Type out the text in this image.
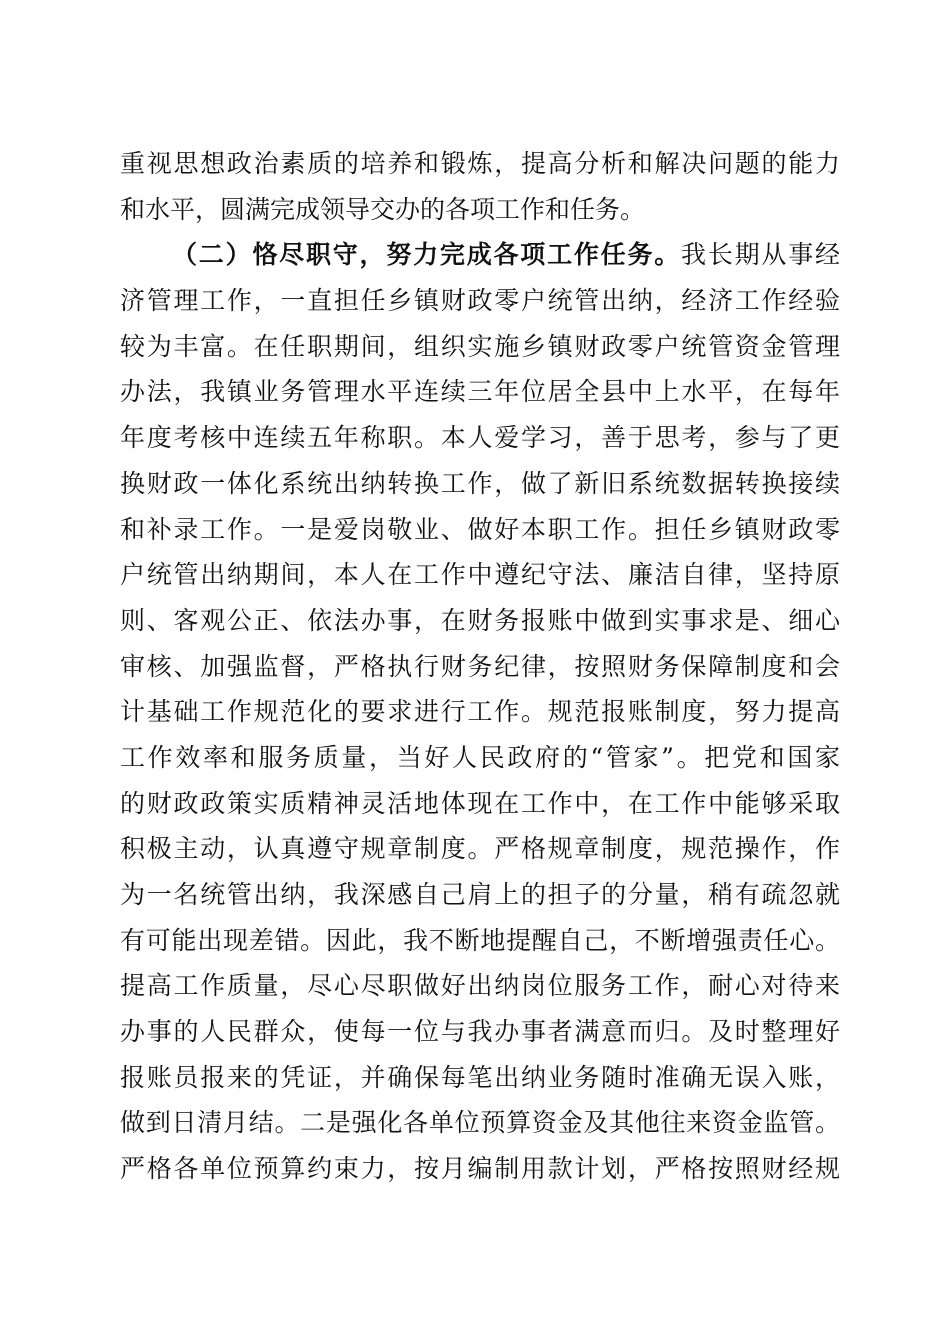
重视思想政治素质的培养和锻炼，提高分析和解决问题的能力
和水平，圆满完成领导交办的各项工作和任务。
（二）恪尽职守，努力完成各项工作任务。我长期从事经
济管理工作，一直担任乡镇财政零户统管出纳，经济工作经验
较为丰富。在任职期间，组织实施乡镇财政零户统管资金管理
办法，我镇业务管理水平连续三年位居全县中上水平，在每年
年度考核中连续五年称职。本人爱学习，善于思考，参与了更
换财政一体化系统出纳转换工作，做了新旧系统数据转换接续
和补录工作。一是爱岗敬业、做好本职工作。担任乡镇财政零
户统管出纳期间，本人在工作中遵纪守法、廉洁自律，坚持原
则、客观公正、依法办事，在财务报账中做到实事求是、细心
审核、加强监督，严格执行财务纪律，按照财务保障制度和会
计基础工作规范化的要求进行工作。规范报账制度，努力提高
工作效率和服务质量，当好人民政府的“管家”。把党和国家
的财政政策实质精神灵活地体现在工作中，在工作中能够采取
积极主动，认真遵守规章制度。严格规章制度，规范操作，作
为一名统管出纳，我深感自己肩上的担子的分量，稍有疏忽就
有可能出现差错。因此，我不断地提醒自己，不断增强责任心。
提高工作质量，尽心尽职做好出纳岗位服务工作，耐心对待来
办事的人民群众，使每一位与我办事者满意而归。及时整理好
报账员报来的凭证，并确保每笔出纳业务随时准确无误入账，
做到日清月结。二是强化各单位预算资金及其他往来资金监管。
严格各单位预算约束力，按月编制用款计划，严格按照财经规
